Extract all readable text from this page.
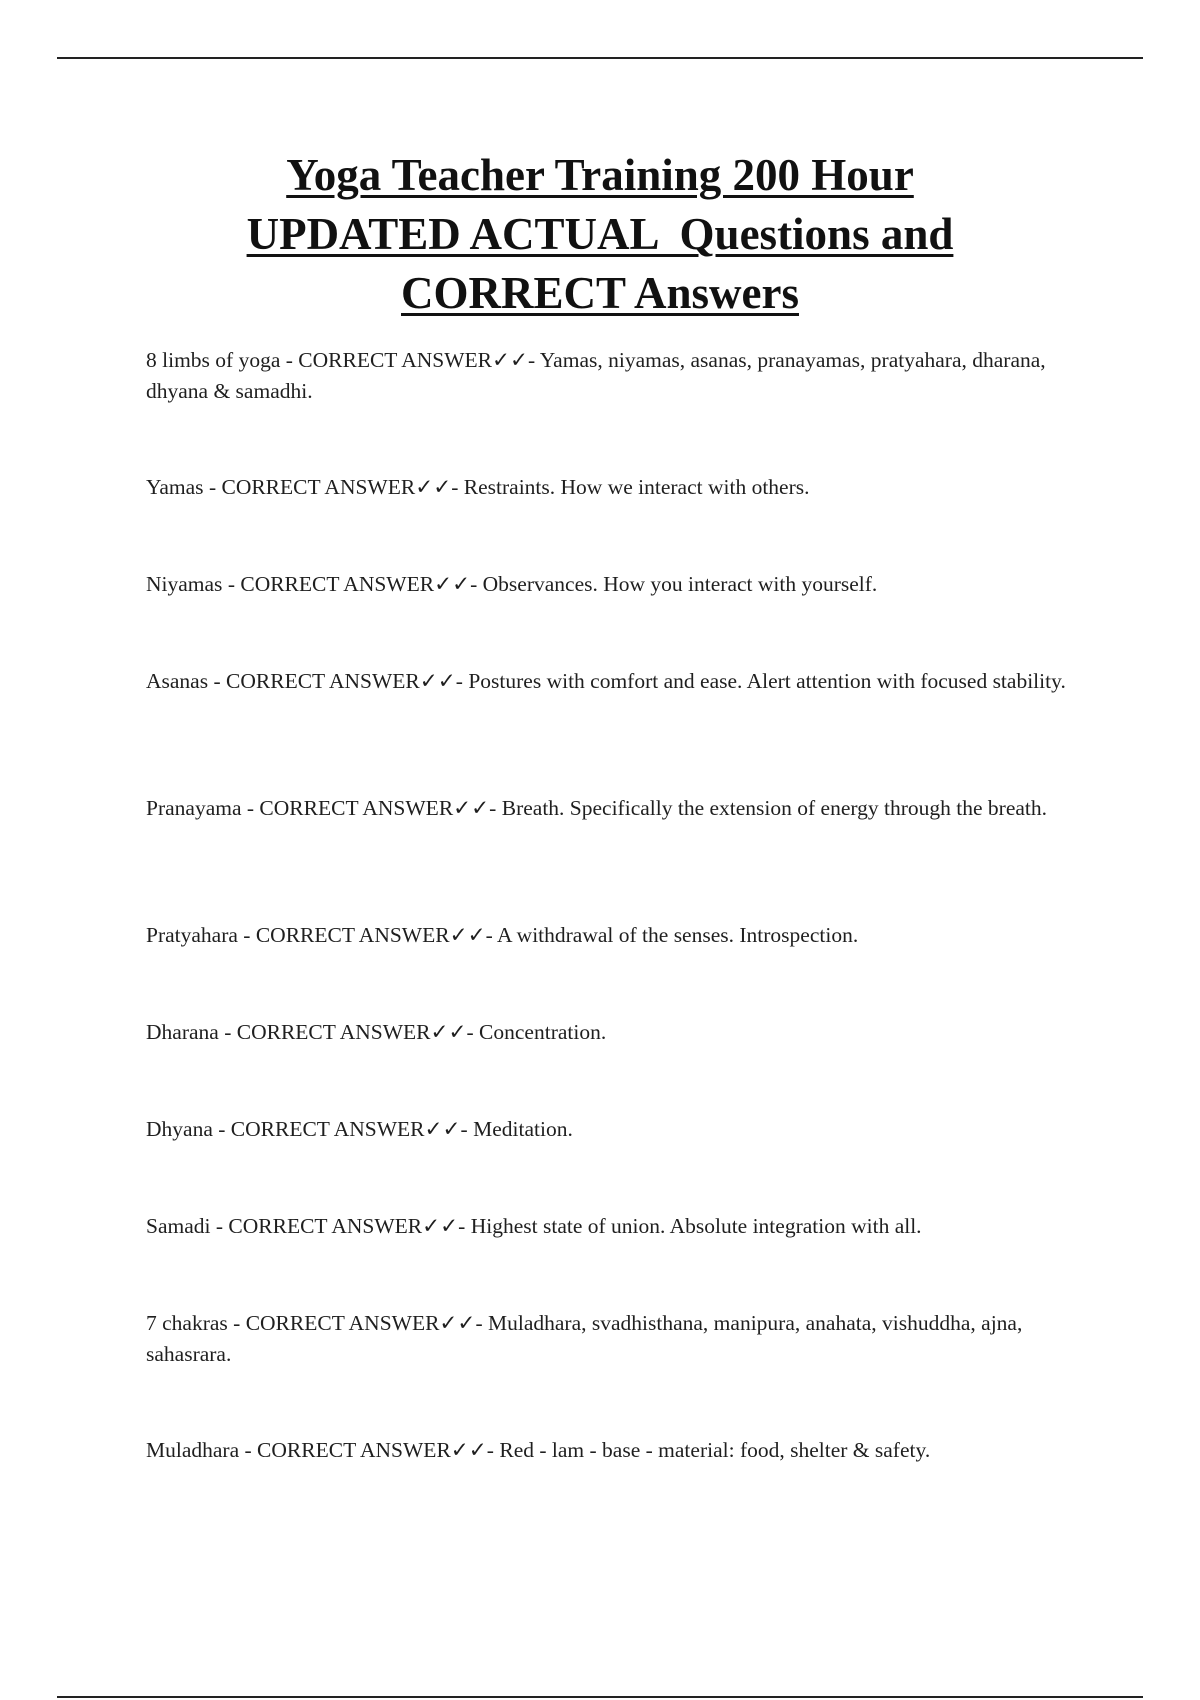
Yoga Teacher Training 200 Hour
UPDATED ACTUAL  Questions and
CORRECT Answers

8 limbs of yoga - CORRECT ANSWER✓✓- Yamas, niyamas, asanas, pranayamas, pratyahara, dharana, dhyana & samadhi.

Yamas - CORRECT ANSWER✓✓- Restraints. How we interact with others.

Niyamas - CORRECT ANSWER✓✓- Observances. How you interact with yourself.

Asanas - CORRECT ANSWER✓✓- Postures with comfort and ease. Alert attention with focused stability.

Pranayama - CORRECT ANSWER✓✓- Breath. Specifically the extension of energy through the breath.

Pratyahara - CORRECT ANSWER✓✓- A withdrawal of the senses. Introspection.

Dharana - CORRECT ANSWER✓✓- Concentration.

Dhyana - CORRECT ANSWER✓✓- Meditation.

Samadi - CORRECT ANSWER✓✓- Highest state of union. Absolute integration with all.

7 chakras - CORRECT ANSWER✓✓- Muladhara, svadhisthana, manipura, anahata, vishuddha, ajna, sahasrara.

Muladhara - CORRECT ANSWER✓✓- Red - lam - base - material: food, shelter & safety.
